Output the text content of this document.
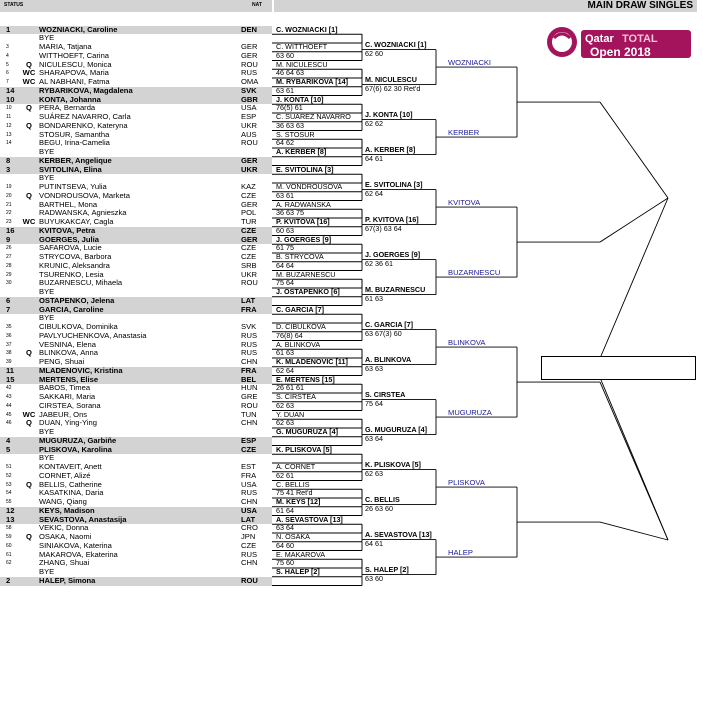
STATUS	NAT	MAIN DRAW SINGLES
Qatar TOTAL
Open 2018
1	WOZNIACKI, Caroline	DEN
BYE
3	MARIA, Tatjana	GER
4	WITTHOEFT, Carina	GER
5	Q NICULESCU, Monica	ROU
6	WC SHARAPOVA, Maria	RUS
7	WC AL NABHANI, Fatma	OMA
14	RYBARIKOVA, Magdalena	SVK
10	KONTA, Johanna	GBR
10	Q PERA, Bernarda	USA
11	SUÁREZ NAVARRO, Carla	ESP
12	Q BONDARENKO, Kateryna	UKR
13	STOSUR, Samantha	AUS
14	BEGU, Irina-Camelia	ROU
BYE
8	KERBER, Angelique	GER
3	SVITOLINA, Elina	UKR
BYE
19	PUTINTSEVA, Yulia	KAZ
20	Q VONDROUSOVA, Marketa	CZE
21	BARTHEL, Mona	GER
22	RADWANSKA, Agnieszka	POL
23	WC BUYUKAKCAY, Cagla	TUR
16	KVITOVA, Petra	CZE
9	GOERGES, Julia	GER
26	SAFAROVA, Lucie	CZE
27	STRYCOVA, Barbora	CZE
28	KRUNIC, Aleksandra	SRB
29	TSURENKO, Lesia	UKR
30	BUZARNESCU, Mihaela	ROU
BYE
6	OSTAPENKO, Jelena	LAT
7	GARCIA, Caroline	FRA
BYE
35	CIBULKOVA, Dominika	SVK
36	PAVLYUCHENKOVA, Anastasia	RUS
37	VESNINA, Elena	RUS
38	Q BLINKOVA, Anna	RUS
39	PENG, Shuai	CHN
11	MLADENOVIC, Kristina	FRA
15	MERTENS, Elise	BEL
42	BABOS, Timea	HUN
43	SAKKARI, Maria	GRE
44	CIRSTEA, Sorana	ROU
45	WC JABEUR, Ons	TUN
46	Q DUAN, Ying-Ying	CHN
BYE
4	MUGURUZA, Garbiñe	ESP
5	PLISKOVA, Karolina	CZE
BYE
51	KONTAVEIT, Anett	EST
52	CORNET, Alizé	FRA
53	Q BELLIS, Catherine	USA
54	KASATKINA, Daria	RUS
55	WANG, Qiang	CHN
12	KEYS, Madison	USA
13	SEVASTOVA, Anastasija	LAT
58	VEKIC, Donna	CRO
59	Q OSAKA, Naomi	JPN
60	SINIAKOVA, Katerina	CZE
61	MAKAROVA, Ekaterina	RUS
62	ZHANG, Shuai	CHN
BYE
2	HALEP, Simona	ROU
C. WOZNIACKI [1]
C. WITTHOEFT
63 60
M. NICULESCU
46 64 63
M. RYBARIKOVA [14]
63 61
J. KONTA [10]
76(5) 61
C. SUÁREZ NAVARRO
36 63 63
S. STOSUR
64 62
A. KERBER [8]
E. SVITOLINA [3]
M. VONDROUSOVA
63 61
A. RADWANSKA
36 63 75
P. KVITOVA [16]
60 63
J. GOERGES [9]
61 75
B. STRYCOVA
64 64
M. BUZARNESCU
75 64
J. OSTAPENKO [6]
C. GARCIA [7]
D. CIBULKOVA
76(8) 64
A. BLINKOVA
61 63
K. MLADENOVIC [11]
62 64
E. MERTENS [15]
26 61 61
S. CIRSTEA
62 63
Y. DUAN
62 63
G. MUGURUZA [4]
K. PLISKOVA [5]
A. CORNET
62 61
C. BELLIS
75 41 Ret'd
M. KEYS [12]
61 64
A. SEVASTOVA [13]
63 64
N. OSAKA
64 60
E. MAKAROVA
75 60
S. HALEP [2]
C. WOZNIACKI [1]
62 60
M. NICULESCU
67(6) 62 30 Ret'd
J. KONTA [10]
62 62
A. KERBER [8]
64 61
E. SVITOLINA [3]
62 64
P. KVITOVA [16]
67(3) 63 64
J. GOERGES [9]
62 36 61
M. BUZARNESCU
61 63
C. GARCIA [7]
63 67(3) 60
A. BLINKOVA
63 63
S. CIRSTEA
75 64
G. MUGURUZA [4]
63 64
K. PLISKOVA [5]
62 63
C. BELLIS
26 63 60
A. SEVASTOVA [13]
64 61
S. HALEP [2]
63 60
WOZNIACKI
KERBER
KVITOVA
BUZARNESCU
BLINKOVA
MUGURUZA
PLISKOVA
HALEP
